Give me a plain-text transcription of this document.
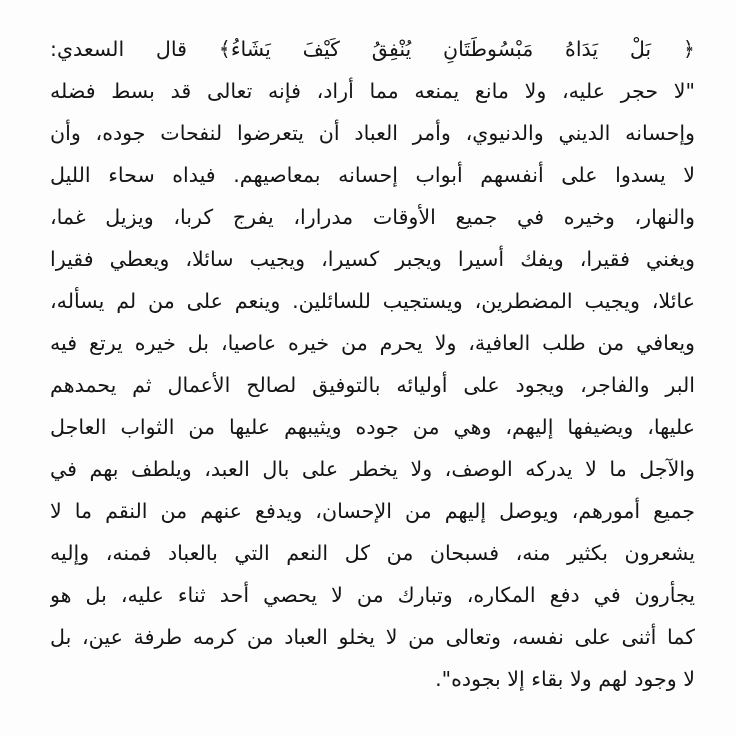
﴿ بَلْ يَدَاهُ مَبْسُوطَتَانِ يُنْفِقُ كَيْفَ يَشَاءُ﴾ قال السعدي:
"لا حجر عليه، ولا مانع يمنعه مما أراد، فإنه تعالى قد بسط فضله
وإحسانه الديني والدنيوي، وأمر العباد أن يتعرضوا لنفحات جوده، وأن
لا يسدوا على أنفسهم أبواب إحسانه بمعاصيهم. فيداه سحاء الليل
والنهار، وخيره في جميع الأوقات مدرارا، يفرج كربا، ويزيل غما،
ويغني فقيرا، ويفك أسيرا ويجبر كسيرا، ويجيب سائلا، ويعطي فقيرا
عائلا، ويجيب المضطرين، ويستجيب للسائلين. وينعم على من لم يسأله،
ويعافي من طلب العافية، ولا يحرم من خيره عاصيا، بل خيره يرتع فيه
البر والفاجر، ويجود على أوليائه بالتوفيق لصالح الأعمال ثم يحمدهم
عليها، ويضيفها إليهم، وهي من جوده ويثيبهم عليها من الثواب العاجل
والآجل ما لا يدركه الوصف، ولا يخطر على بال العبد، ويلطف بهم في
جميع أمورهم، ويوصل إليهم من الإحسان، ويدفع عنهم من النقم ما لا
يشعرون بكثير منه، فسبحان من كل النعم التي بالعباد فمنه، وإليه
يجأرون في دفع المكاره، وتبارك من لا يحصي أحد ثناء عليه، بل هو
كما أثنى على نفسه، وتعالى من لا يخلو العباد من كرمه طرفة عين، بل
لا وجود لهم ولا بقاء إلا بجوده".
